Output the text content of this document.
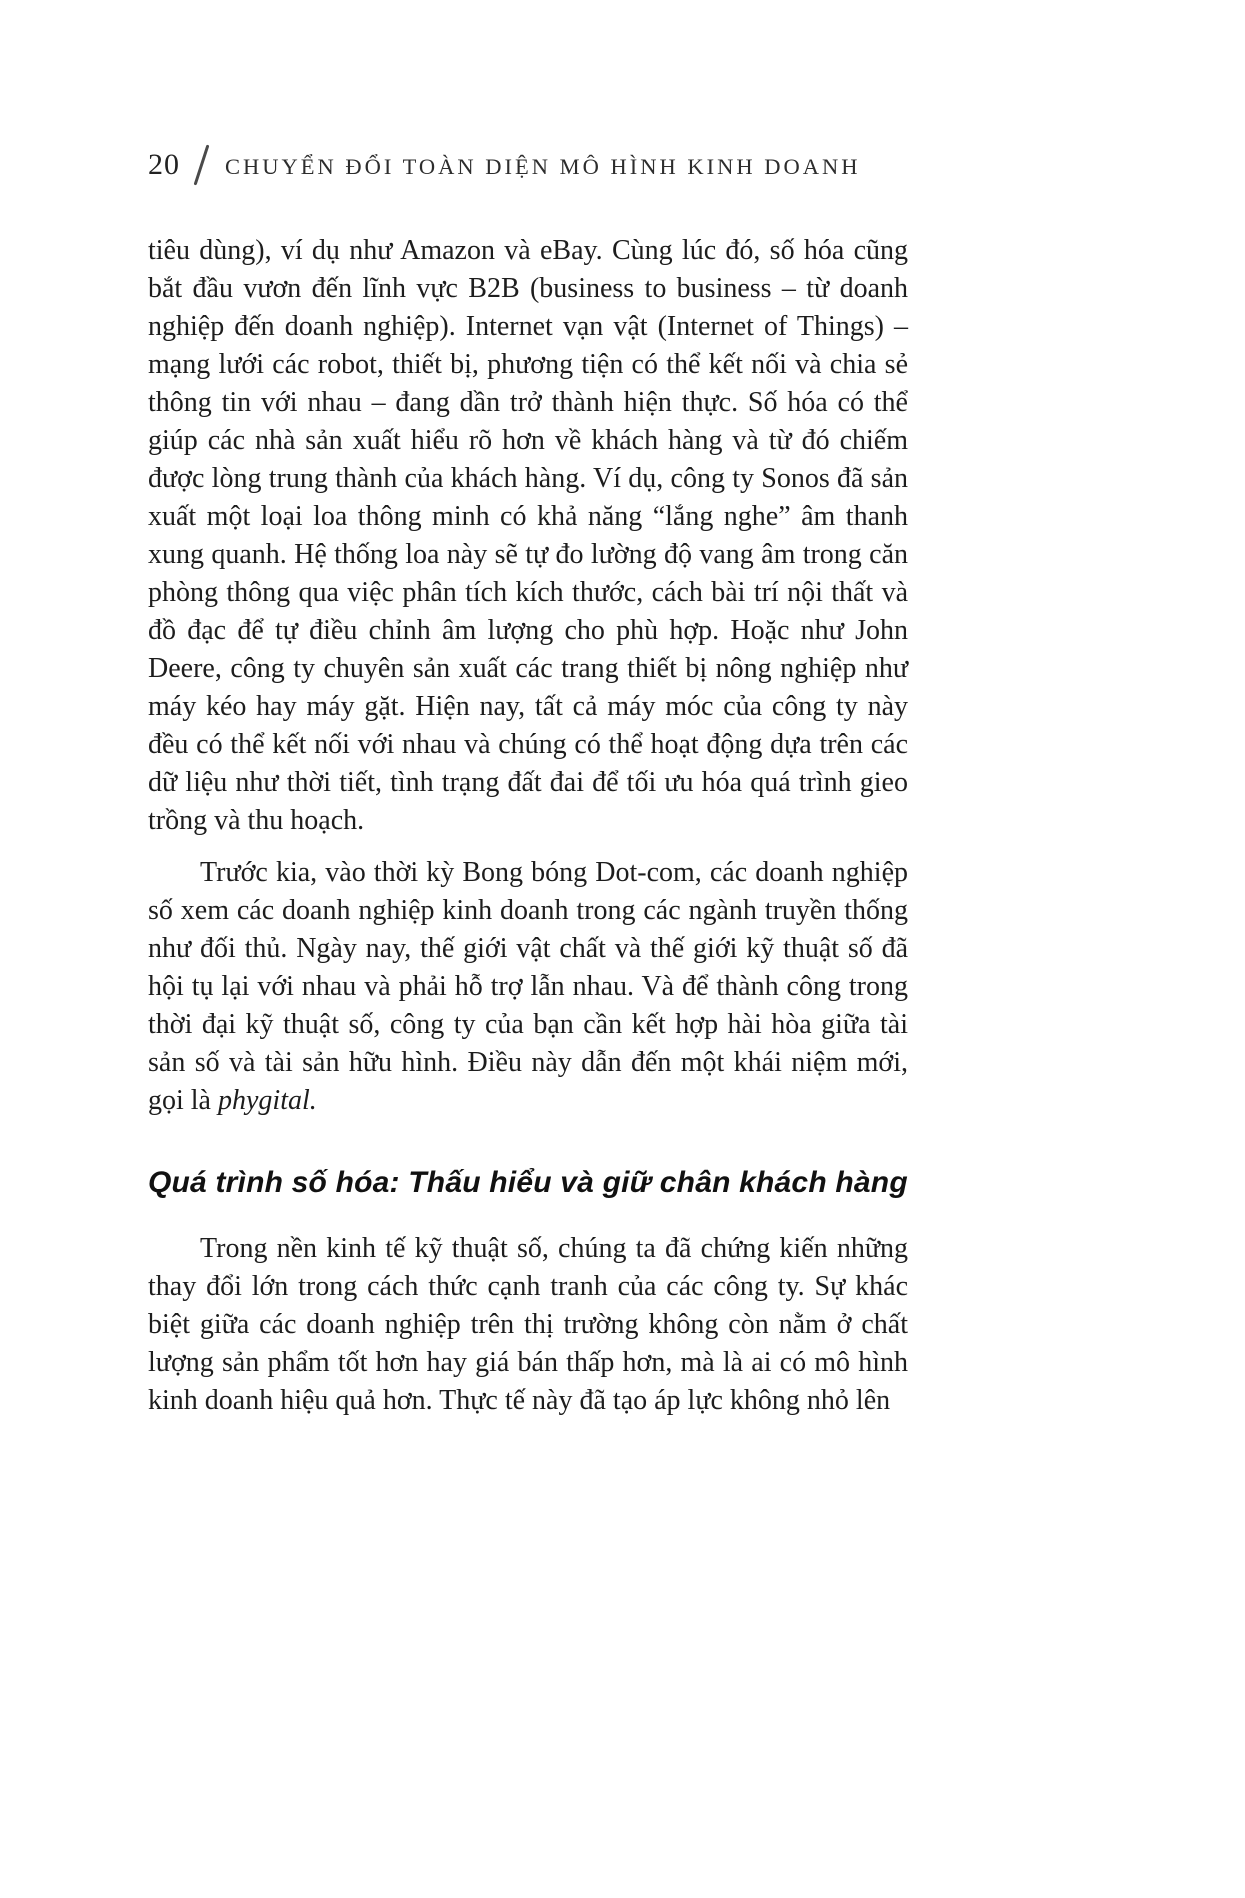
20 CHUYỂN ĐỔI TOÀN DIỆN MÔ HÌNH KINH DOANH

tiêu dùng), ví dụ như Amazon và eBay. Cùng lúc đó, số hóa cũng bắt đầu vươn đến lĩnh vực B2B (business to business – từ doanh nghiệp đến doanh nghiệp). Internet vạn vật (Internet of Things) – mạng lưới các robot, thiết bị, phương tiện có thể kết nối và chia sẻ thông tin với nhau – đang dần trở thành hiện thực. Số hóa có thể giúp các nhà sản xuất hiểu rõ hơn về khách hàng và từ đó chiếm được lòng trung thành của khách hàng. Ví dụ, công ty Sonos đã sản xuất một loại loa thông minh có khả năng “lắng nghe” âm thanh xung quanh. Hệ thống loa này sẽ tự đo lường độ vang âm trong căn phòng thông qua việc phân tích kích thước, cách bài trí nội thất và đồ đạc để tự điều chỉnh âm lượng cho phù hợp. Hoặc như John Deere, công ty chuyên sản xuất các trang thiết bị nông nghiệp như máy kéo hay máy gặt. Hiện nay, tất cả máy móc của công ty này đều có thể kết nối với nhau và chúng có thể hoạt động dựa trên các dữ liệu như thời tiết, tình trạng đất đai để tối ưu hóa quá trình gieo trồng và thu hoạch.

Trước kia, vào thời kỳ Bong bóng Dot-com, các doanh nghiệp số xem các doanh nghiệp kinh doanh trong các ngành truyền thống như đối thủ. Ngày nay, thế giới vật chất và thế giới kỹ thuật số đã hội tụ lại với nhau và phải hỗ trợ lẫn nhau. Và để thành công trong thời đại kỹ thuật số, công ty của bạn cần kết hợp hài hòa giữa tài sản số và tài sản hữu hình. Điều này dẫn đến một khái niệm mới, gọi là phygital.

Quá trình số hóa: Thấu hiểu và giữ chân khách hàng

Trong nền kinh tế kỹ thuật số, chúng ta đã chứng kiến những thay đổi lớn trong cách thức cạnh tranh của các công ty. Sự khác biệt giữa các doanh nghiệp trên thị trường không còn nằm ở chất lượng sản phẩm tốt hơn hay giá bán thấp hơn, mà là ai có mô hình kinh doanh hiệu quả hơn. Thực tế này đã tạo áp lực không nhỏ lên
